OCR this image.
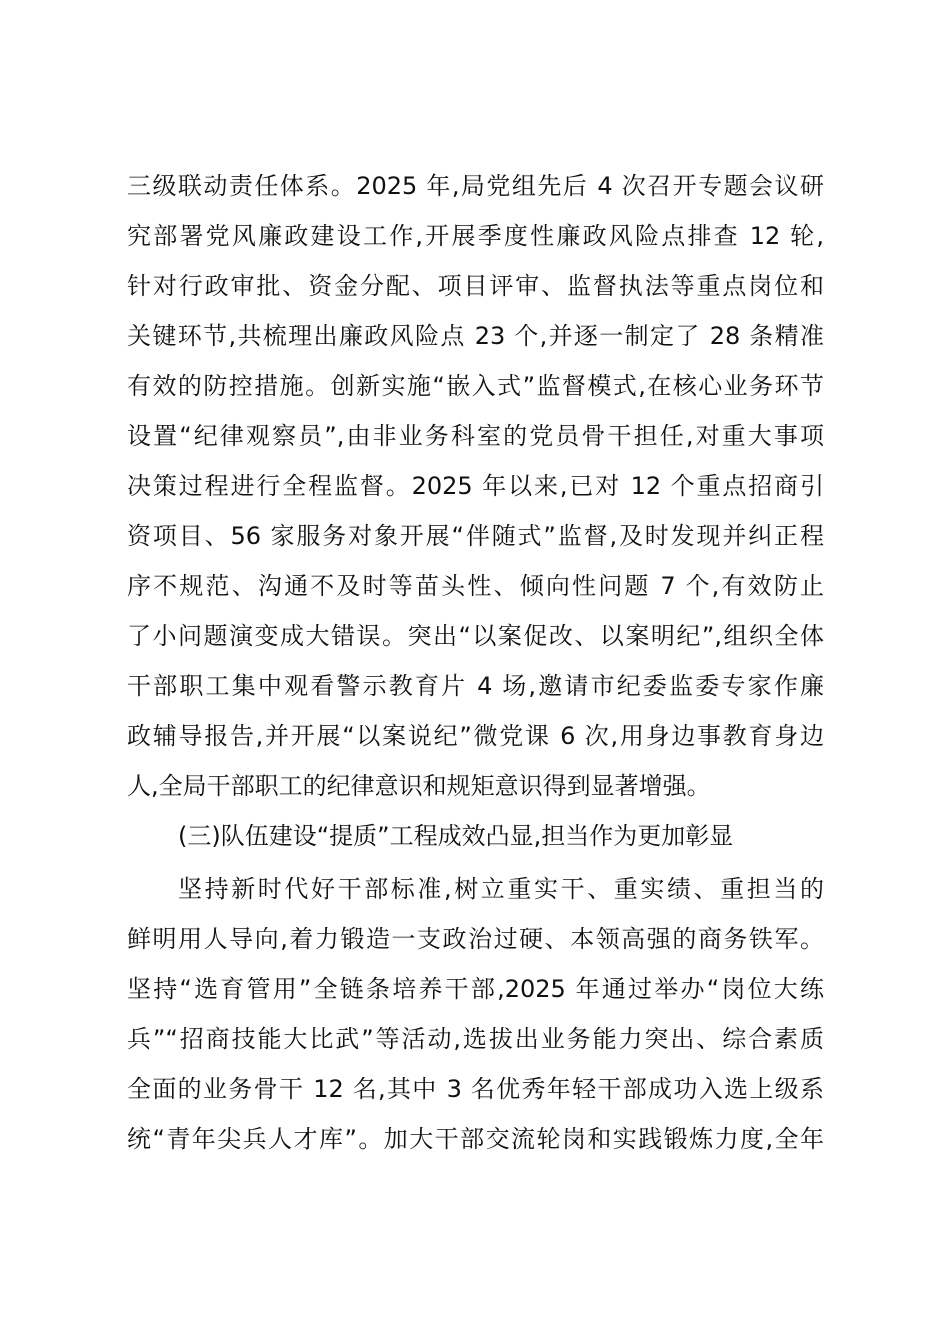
三级联动责任体系。2025 年,局党组先后 4 次召开专题会议研
究部署党风廉政建设工作,开展季度性廉政风险点排查 12 轮,
针对行政审批、资金分配、项目评审、监督执法等重点岗位和
关键环节,共梳理出廉政风险点 23 个,并逐一制定了 28 条精准
有效的防控措施。创新实施“嵌入式”监督模式,在核心业务环节
设置“纪律观察员”,由非业务科室的党员骨干担任,对重大事项
决策过程进行全程监督。2025 年以来,已对 12 个重点招商引
资项目、56 家服务对象开展“伴随式”监督,及时发现并纠正程
序不规范、沟通不及时等苗头性、倾向性问题 7 个,有效防止
了小问题演变成大错误。突出“以案促改、以案明纪”,组织全体
干部职工集中观看警示教育片 4 场,邀请市纪委监委专家作廉
政辅导报告,并开展“以案说纪”微党课 6 次,用身边事教育身边
人,全局干部职工的纪律意识和规矩意识得到显著增强。
(三)队伍建设“提质”工程成效凸显,担当作为更加彰显
坚持新时代好干部标准,树立重实干、重实绩、重担当的
鲜明用人导向,着力锻造一支政治过硬、本领高强的商务铁军。
坚持“选育管用”全链条培养干部,2025 年通过举办“岗位大练
兵”“招商技能大比武”等活动,选拔出业务能力突出、综合素质
全面的业务骨干 12 名,其中 3 名优秀年轻干部成功入选上级系
统“青年尖兵人才库”。加大干部交流轮岗和实践锻炼力度,全年
